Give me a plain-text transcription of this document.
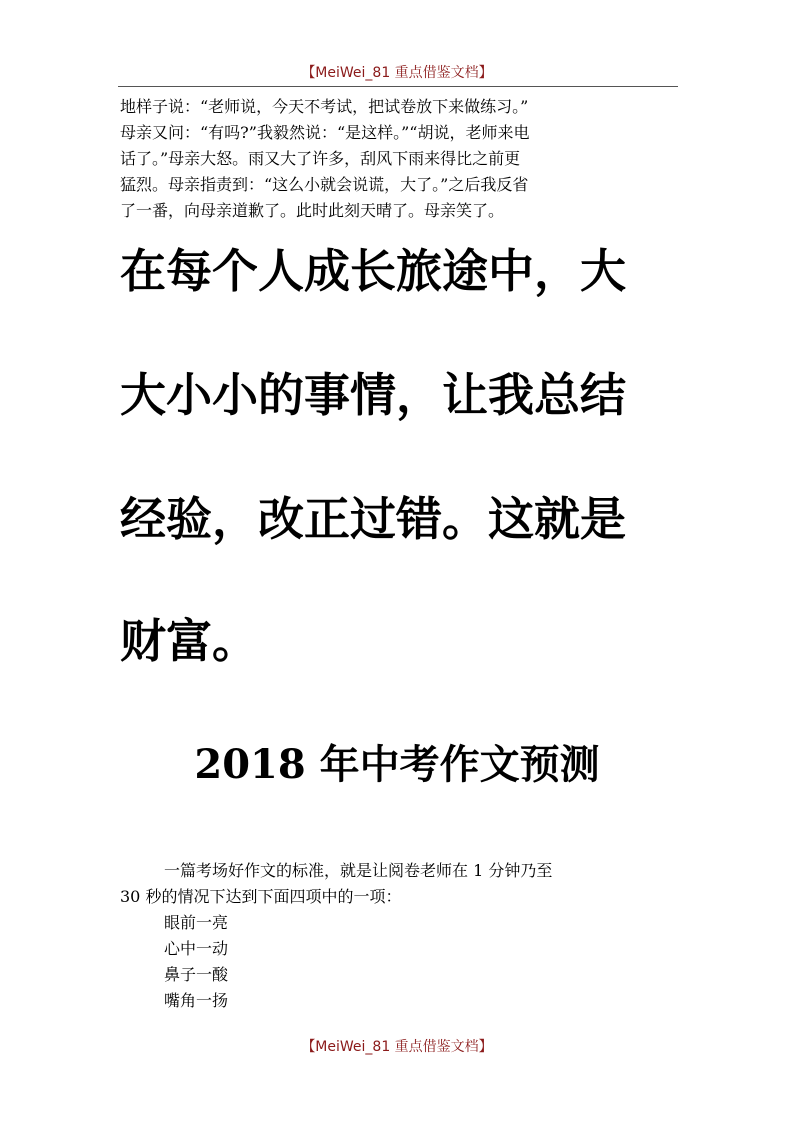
【MeiWei_81 重点借鉴文档】
地样子说：“老师说，今天不考试，把试卷放下来做练习。”
母亲又问：“有吗?”我毅然说：“是这样。”“胡说，老师来电
话了。”母亲大怒。雨又大了许多，刮风下雨来得比之前更
猛烈。母亲指责到：“这么小就会说谎，大了。”之后我反省
了一番，向母亲道歉了。此时此刻天晴了。母亲笑了。
在每个人成长旅途中，大
大小小的事情，让我总结
经验，改正过错。这就是
财富。
2018 年中考作文预测
一篇考场好作文的标准，就是让阅卷老师在 1 分钟乃至
30 秒的情况下达到下面四项中的一项：
眼前一亮
心中一动
鼻子一酸
嘴角一扬
【MeiWei_81 重点借鉴文档】
